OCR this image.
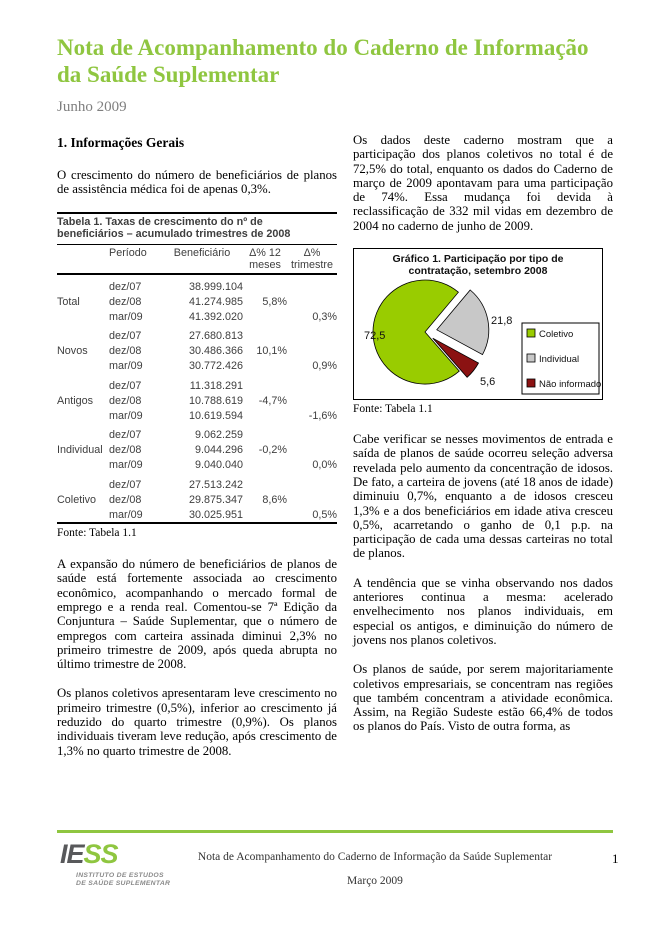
Nota de Acompanhamento do Caderno de Informação
da Saúde Suplementar
Junho 2009
1. Informações Gerais

O crescimento do número de beneficiários de planos de assistência médica foi de apenas 0,3%.

Tabela 1. Taxas de crescimento do nº de
beneficiários – acumulado trimestres de 2008
	Período	Beneficiário	Δ% 12 meses	Δ% trimestre
Total	dez/07	38.999.104		
	dez/08	41.274.985	5,8%	
	mar/09	41.392.020		0,3%
Novos	dez/07	27.680.813		
	dez/08	30.486.366	10,1%	
	mar/09	30.772.426		0,9%
Antigos	dez/07	11.318.291		
	dez/08	10.788.619	-4,7%	
	mar/09	10.619.594		-1,6%
Individual	dez/07	9.062.259		
	dez/08	9.044.296	-0,2%	
	mar/09	9.040.040		0,0%
Coletivo	dez/07	27.513.242		
	dez/08	29.875.347	8,6%	
	mar/09	30.025.951		0,5%
Fonte: Tabela 1.1

A expansão do número de beneficiários de planos de saúde está fortemente associada ao crescimento econômico, acompanhando o mercado formal de emprego e a renda real. Comentou-se 7ª Edição da Conjuntura – Saúde Suplementar, que o número de empregos com carteira assinada diminui 2,3% no primeiro trimestre de 2009, após queda abrupta no último trimestre de 2008.

Os planos coletivos apresentaram leve crescimento no primeiro trimestre (0,5%), inferior ao crescimento já reduzido do quarto trimestre (0,9%). Os planos individuais tiveram leve redução, após crescimento de 1,3% no quarto trimestre de 2008.

Os dados deste caderno mostram que a participação dos planos coletivos no total é de 72,5% do total, enquanto os dados do Caderno de março de 2009 apontavam para uma participação de 74%. Essa mudança foi devida à reclassificação de 332 mil vidas em dezembro de 2004 no caderno de junho de 2009.

Gráfico 1. Participação por tipo de
contratação, setembro 2008
72,5
21,8
5,6
Coletivo
Individual
Não informado
Fonte: Tabela 1.1

Cabe verificar se nesses movimentos de entrada e saída de planos de saúde ocorreu seleção adversa revelada pelo aumento da concentração de idosos. De fato, a carteira de jovens (até 18 anos de idade) diminuiu 0,7%, enquanto a de idosos cresceu 1,3% e a dos beneficiários em idade ativa cresceu 0,5%, acarretando o ganho de 0,1 p.p. na participação de cada uma dessas carteiras no total de planos.

A tendência que se vinha observando nos dados anteriores continua a mesma: acelerado envelhecimento nos planos individuais, em especial os antigos, e diminuição do número de jovens nos planos coletivos.

Os planos de saúde, por serem majoritariamente coletivos empresariais, se concentram nas regiões que também concentram a atividade econômica. Assim, na Região Sudeste estão 66,4% de todos os planos do País. Visto de outra forma, as

IESS
INSTITUTO DE ESTUDOS
DE SAÚDE SUPLEMENTAR
Nota de Acompanhamento do Caderno de Informação da Saúde Suplementar
Março 2009
1
